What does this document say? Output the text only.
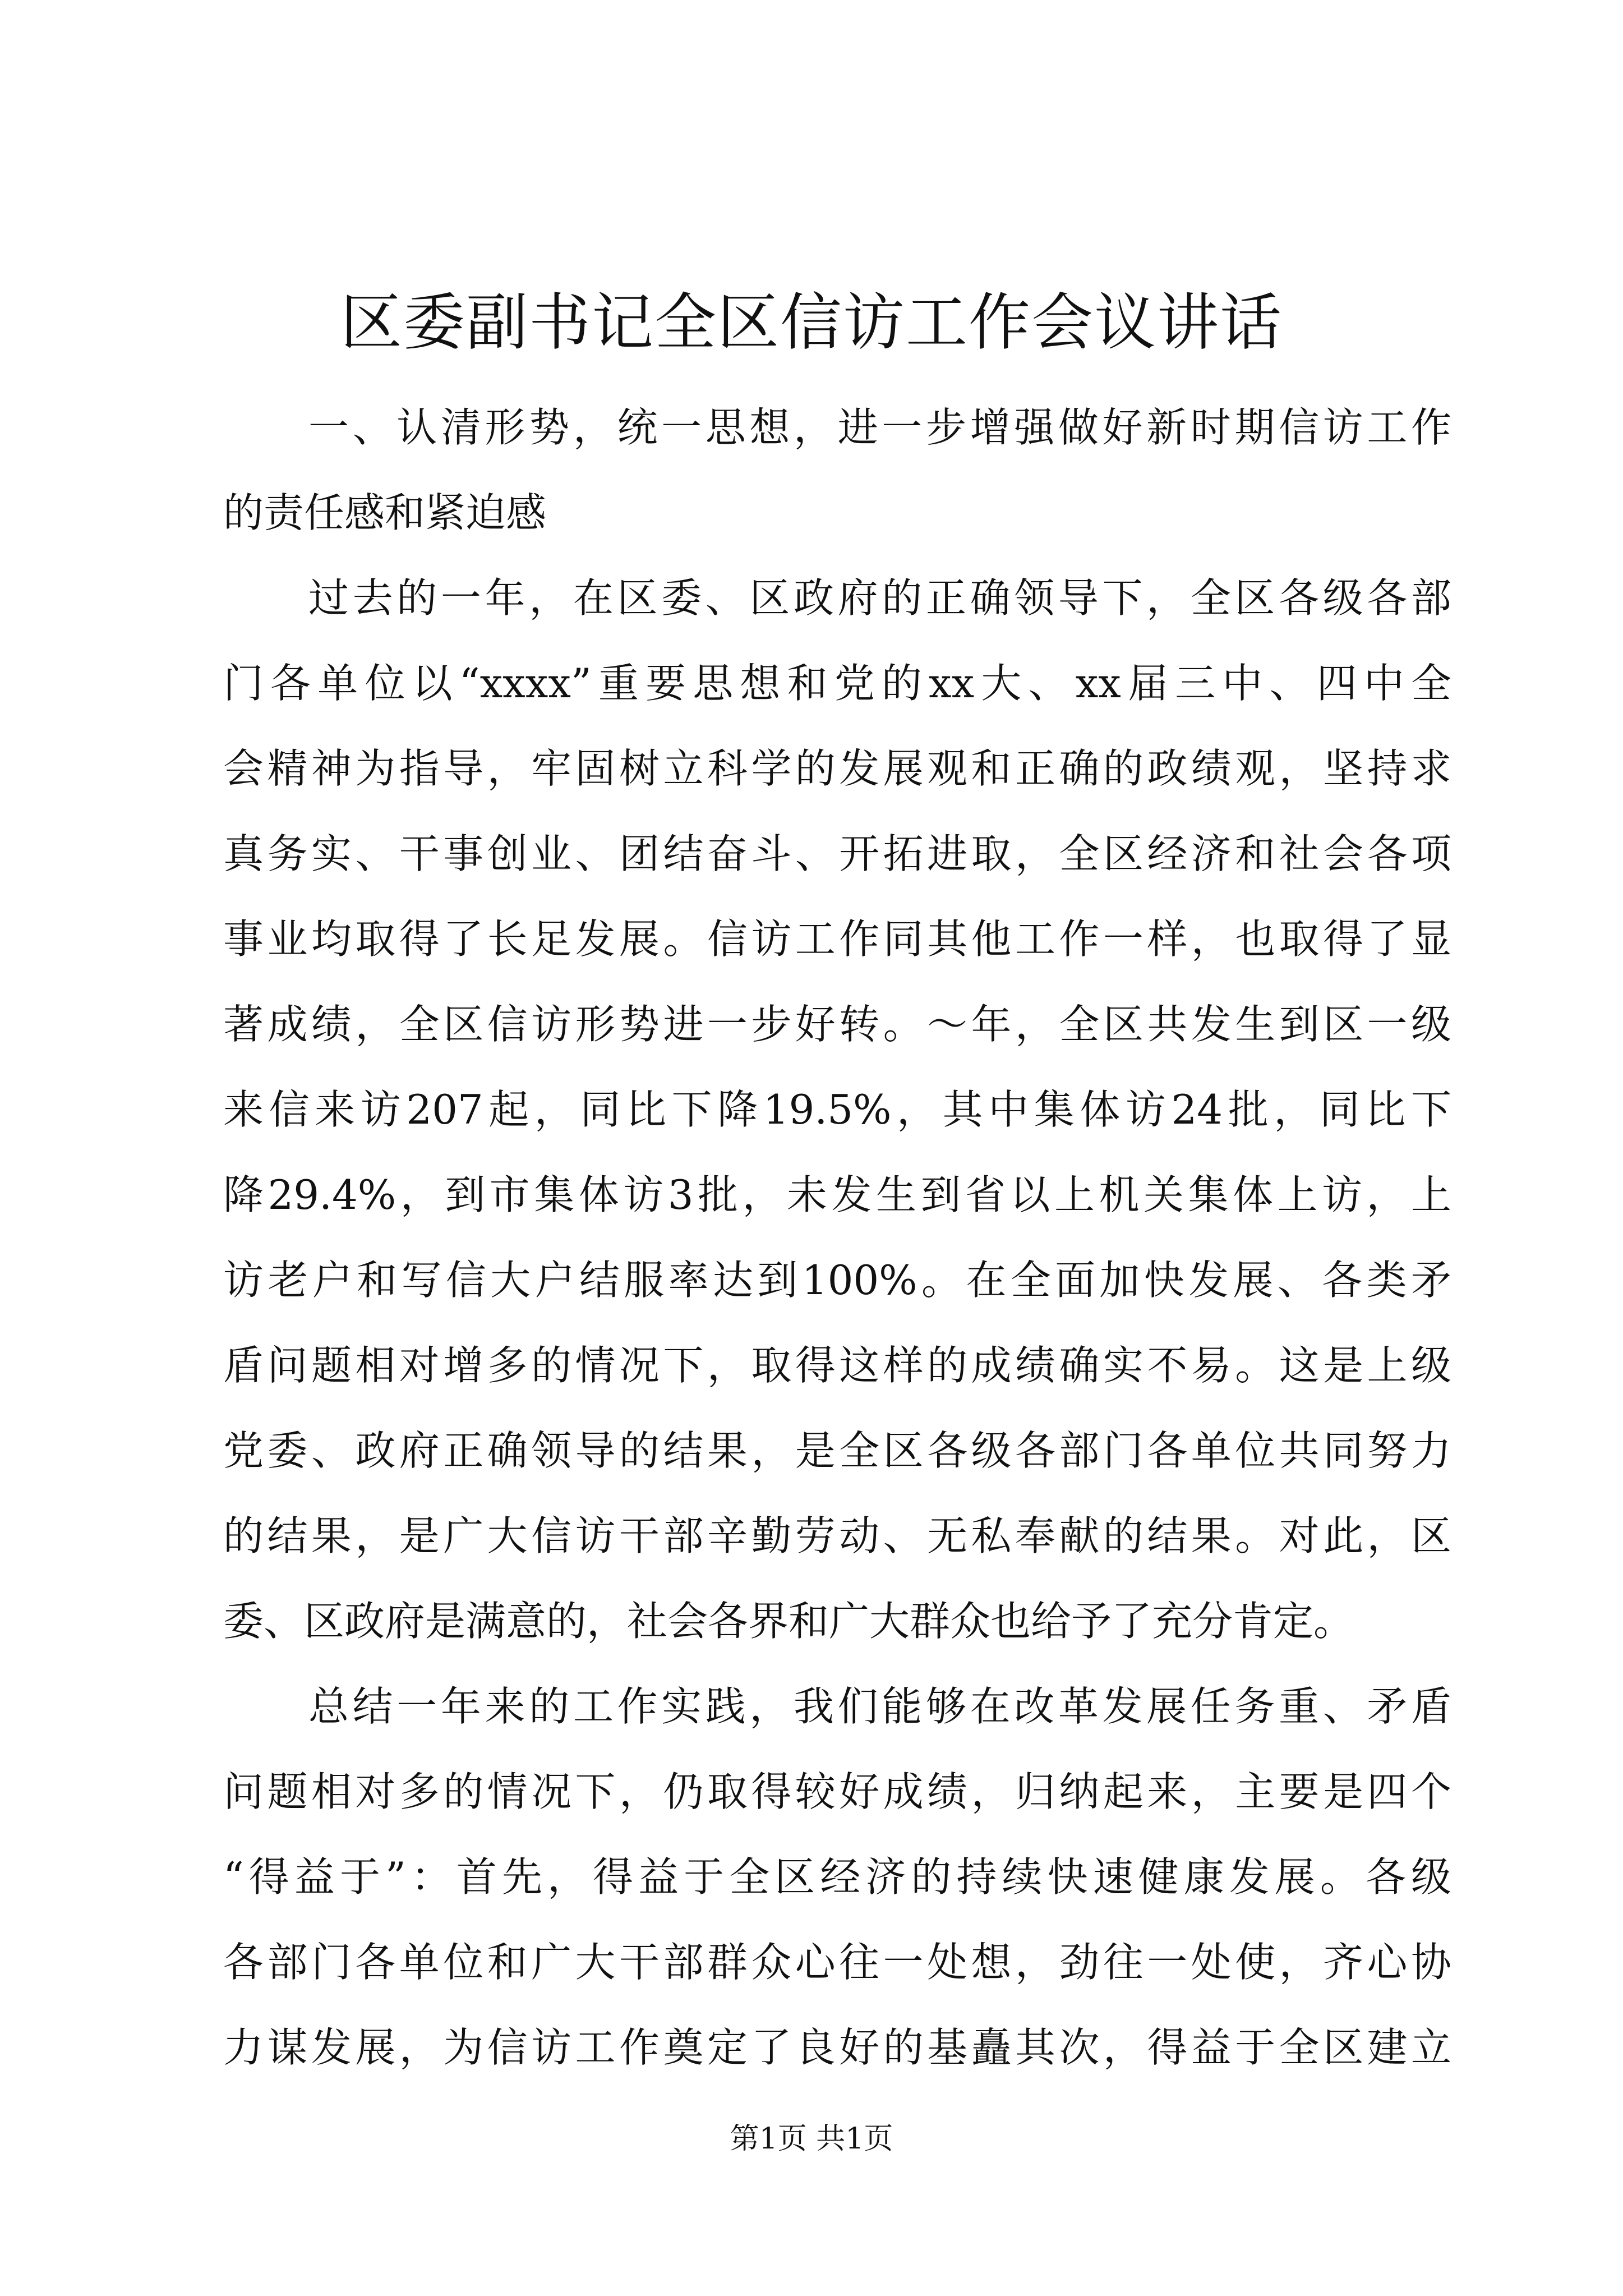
区委副书记全区信访工作会议讲话
一、认清形势，统一思想，进一步增强做好新时期信访工作
的责任感和紧迫感
过去的一年，在区委、区政府的正确领导下，全区各级各部
门各单位以“xxxx”重要思想和党的xx大、xx届三中、四中全
会精神为指导，牢固树立科学的发展观和正确的政绩观，坚持求
真务实、干事创业、团结奋斗、开拓进取，全区经济和社会各项
事业均取得了长足发展。信访工作同其他工作一样，也取得了显
著成绩，全区信访形势进一步好转。～年，全区共发生到区一级
来信来访207起，同比下降19.5%，其中集体访24批，同比下
降29.4%，到市集体访3批，未发生到省以上机关集体上访，上
访老户和写信大户结服率达到100%。在全面加快发展、各类矛
盾问题相对增多的情况下，取得这样的成绩确实不易。这是上级
党委、政府正确领导的结果，是全区各级各部门各单位共同努力
的结果，是广大信访干部辛勤劳动、无私奉献的结果。对此，区
委、区政府是满意的，社会各界和广大群众也给予了充分肯定。
总结一年来的工作实践，我们能够在改革发展任务重、矛盾
问题相对多的情况下，仍取得较好成绩，归纳起来，主要是四个
“得益于”：首先，得益于全区经济的持续快速健康发展。各级
各部门各单位和广大干部群众心往一处想，劲往一处使，齐心协
力谋发展，为信访工作奠定了良好的基矗其次，得益于全区建立
第1页 共1页
